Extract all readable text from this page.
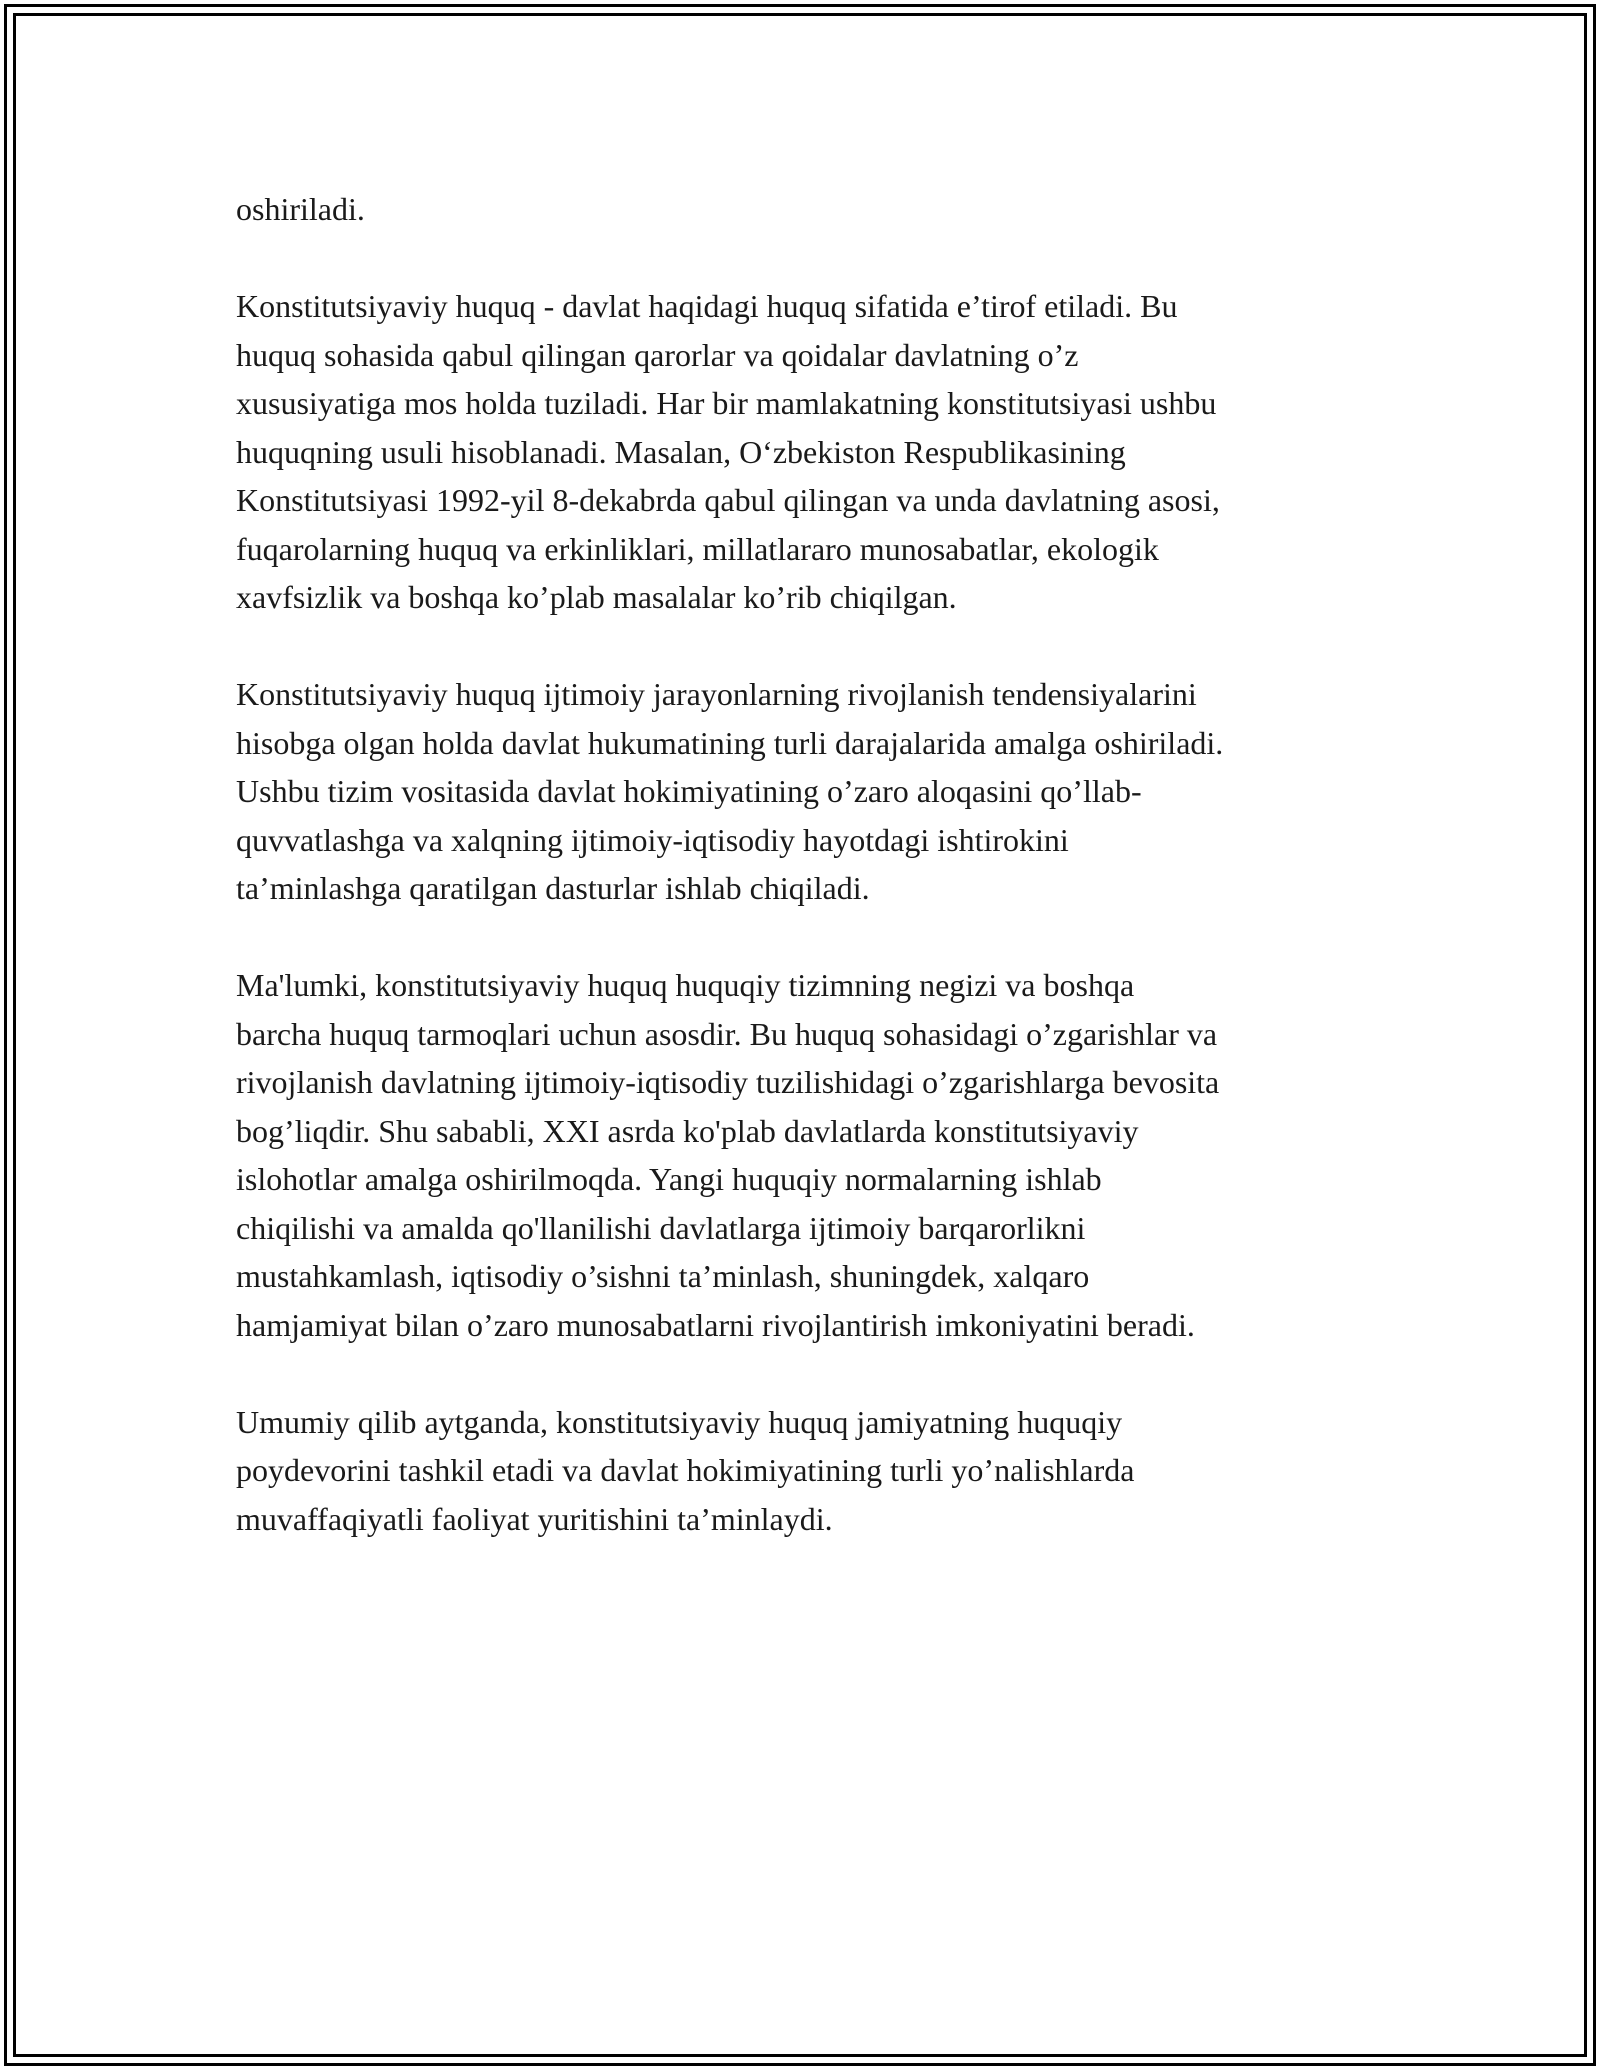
oshiriladi.

Konstitutsiyaviy huquq - davlat haqidagi huquq sifatida e’tirof etiladi. Bu
huquq sohasida qabul qilingan qarorlar va qoidalar davlatning o’z
xususiyatiga mos holda tuziladi. Har bir mamlakatning konstitutsiyasi ushbu
huquqning usuli hisoblanadi. Masalan, O‘zbekiston Respublikasining
Konstitutsiyasi 1992-yil 8-dekabrda qabul qilingan va unda davlatning asosi,
fuqarolarning huquq va erkinliklari, millatlararo munosabatlar, ekologik
xavfsizlik va boshqa ko’plab masalalar ko’rib chiqilgan.

Konstitutsiyaviy huquq ijtimoiy jarayonlarning rivojlanish tendensiyalarini
hisobga olgan holda davlat hukumatining turli darajalarida amalga oshiriladi.
Ushbu tizim vositasida davlat hokimiyatining o’zaro aloqasini qo’llab-
quvvatlashga va xalqning ijtimoiy-iqtisodiy hayotdagi ishtirokini
ta’minlashga qaratilgan dasturlar ishlab chiqiladi.

Ma'lumki, konstitutsiyaviy huquq huquqiy tizimning negizi va boshqa
barcha huquq tarmoqlari uchun asosdir. Bu huquq sohasidagi o’zgarishlar va
rivojlanish davlatning ijtimoiy-iqtisodiy tuzilishidagi o’zgarishlarga bevosita
bog’liqdir. Shu sababli, XXI asrda ko'plab davlatlarda konstitutsiyaviy
islohotlar amalga oshirilmoqda. Yangi huquqiy normalarning ishlab
chiqilishi va amalda qo'llanilishi davlatlarga ijtimoiy barqarorlikni
mustahkamlash, iqtisodiy o’sishni ta’minlash, shuningdek, xalqaro
hamjamiyat bilan o’zaro munosabatlarni rivojlantirish imkoniyatini beradi.

Umumiy qilib aytganda, konstitutsiyaviy huquq jamiyatning huquqiy
poydevorini tashkil etadi va davlat hokimiyatining turli yo’nalishlarda
muvaffaqiyatli faoliyat yuritishini ta’minlaydi.
